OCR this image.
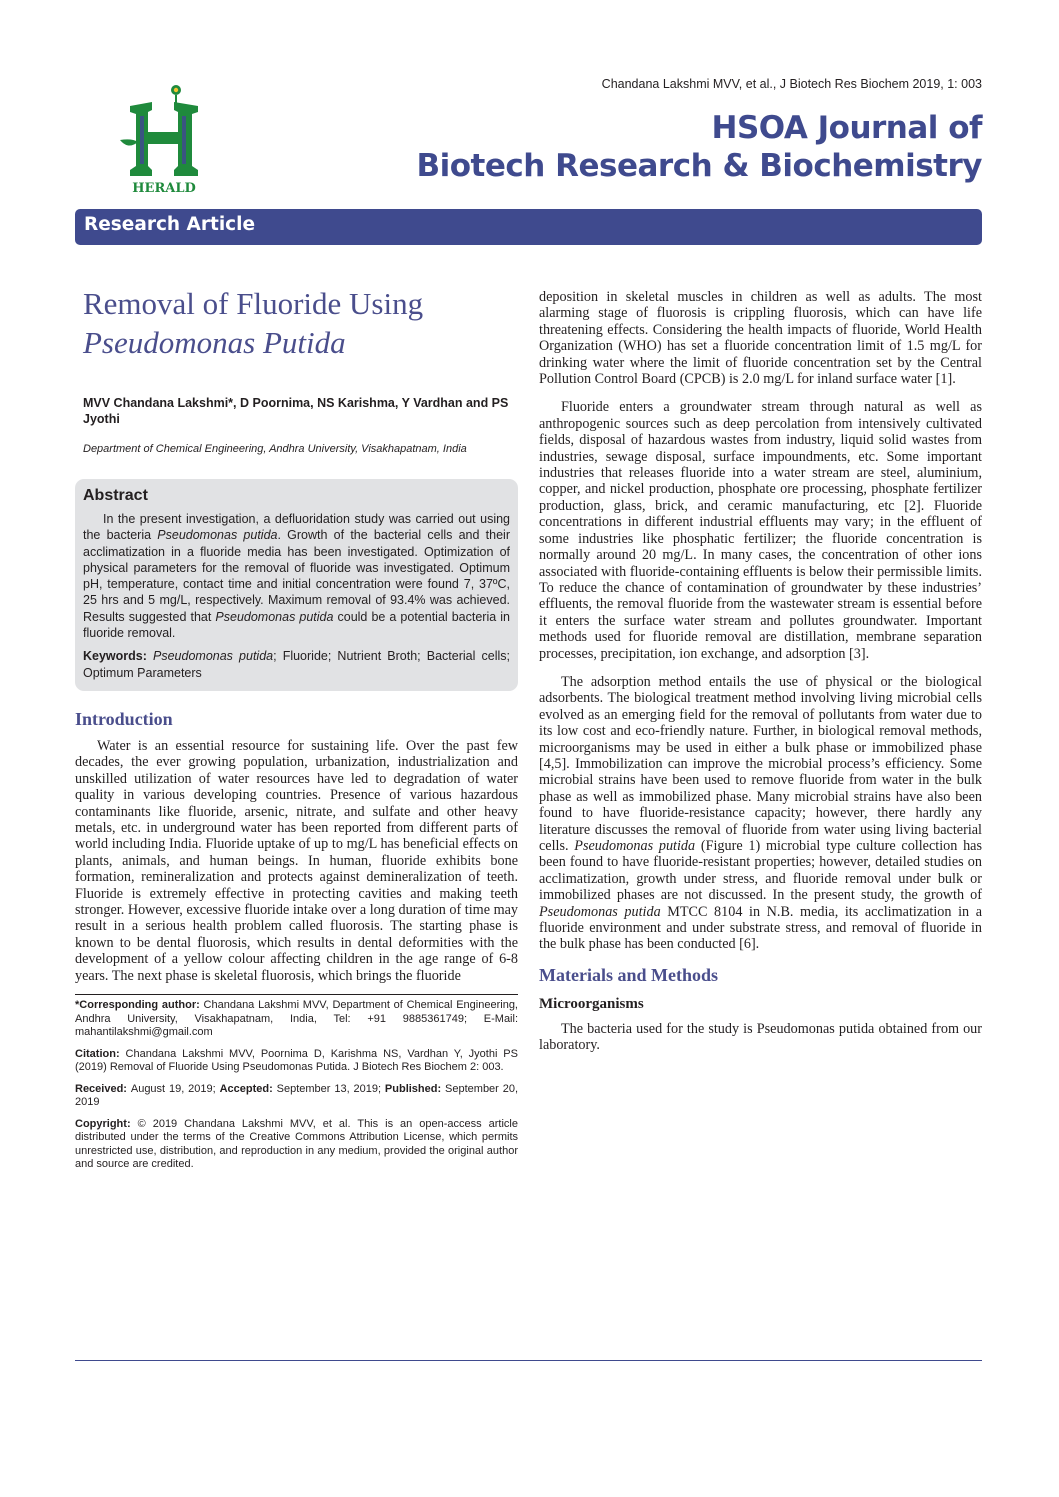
Chandana Lakshmi MVV, et al., J Biotech Res Biochem 2019, 1: 003
HERALD
HSOA Journal of
Biotech Research & Biochemistry
Research Article
Removal of Fluoride Using
Pseudomonas Putida
MVV Chandana Lakshmi*, D Poornima, NS Karishma, Y Vardhan and PS Jyothi
Department of Chemical Engineering, Andhra University, Visakhapatnam, India
Abstract

In the present investigation, a defluoridation study was carried out using the bacteria Pseudomonas putida. Growth of the bacterial cells and their acclimatization in a fluoride media has been investigated. Optimization of physical parameters for the removal of fluoride was investigated. Optimum pH, temperature, contact time and initial concentration were found 7, 37ºC, 25 hrs and 5 mg/L, respectively. Maximum removal of 93.4% was achieved. Results suggested that Pseudomonas putida could be a potential bacteria in fluoride removal.

Keywords: Pseudomonas putida; Fluoride; Nutrient Broth; Bacterial cells; Optimum Parameters

Introduction

Water is an essential resource for sustaining life. Over the past few decades, the ever growing population, urbanization, industrialization and unskilled utilization of water resources have led to degradation of water quality in various developing countries. Presence of various hazardous contaminants like fluoride, arsenic, nitrate, and sulfate and other heavy metals, etc. in underground water has been reported from different parts of world including India. Fluoride uptake of up to mg/L has beneficial effects on plants, animals, and human beings. In human, fluoride exhibits bone formation, remineralization and protects against demineralization of teeth. Fluoride is extremely effective in protecting cavities and making teeth stronger. However, excessive fluoride intake over a long duration of time may result in a serious health problem called fluorosis. The starting phase is known to be dental fluorosis, which results in dental deformities with the development of a yellow colour affecting children in the age range of 6-8 years. The next phase is skeletal fluorosis, which brings the fluoride

*Corresponding author: Chandana Lakshmi MVV, Department of Chemical Engineering, Andhra University, Visakhapatnam, India, Tel: +91 9885361749; E-Mail: mahantilakshmi@gmail.com

Citation: Chandana Lakshmi MVV, Poornima D, Karishma NS, Vardhan Y, Jyothi PS (2019) Removal of Fluoride Using Pseudomonas Putida. J Biotech Res Biochem 2: 003.

Received: August 19, 2019; Accepted: September 13, 2019; Published: September 20, 2019

Copyright: © 2019 Chandana Lakshmi MVV, et al. This is an open-access article distributed under the terms of the Creative Commons Attribution License, which permits unrestricted use, distribution, and reproduction in any medium, provided the original author and source are credited.

deposition in skeletal muscles in children as well as adults. The most alarming stage of fluorosis is crippling fluorosis, which can have life threatening effects. Considering the health impacts of fluoride, World Health Organization (WHO) has set a fluoride concentration limit of 1.5 mg/L for drinking water where the limit of fluoride concentration set by the Central Pollution Control Board (CPCB) is 2.0 mg/L for inland surface water [1].

Fluoride enters a groundwater stream through natural as well as anthropogenic sources such as deep percolation from intensively cultivated fields, disposal of hazardous wastes from industry, liquid solid wastes from industries, sewage disposal, surface impoundments, etc. Some important industries that releases fluoride into a water stream are steel, aluminium, copper, and nickel production, phosphate ore processing, phosphate fertilizer production, glass, brick, and ceramic manufacturing, etc [2]. Fluoride concentrations in different industrial effluents may vary; in the effluent of some industries like phosphatic fertilizer; the fluoride concentration is normally around 20 mg/L. In many cases, the concentration of other ions associated with fluoride-containing effluents is below their permissible limits. To reduce the chance of contamination of groundwater by these industries’ effluents, the removal fluoride from the wastewater stream is essential before it enters the surface water stream and pollutes groundwater. Important methods used for fluoride removal are distillation, membrane separation processes, precipitation, ion exchange, and adsorption [3].

The adsorption method entails the use of physical or the biological adsorbents. The biological treatment method involving living microbial cells evolved as an emerging field for the removal of pollutants from water due to its low cost and eco-friendly nature. Further, in biological removal methods, microorganisms may be used in either a bulk phase or immobilized phase [4,5]. Immobilization can improve the microbial process’s efficiency. Some microbial strains have been used to remove fluoride from water in the bulk phase as well as immobilized phase. Many microbial strains have also been found to have fluoride-resistance capacity; however, there hardly any literature discusses the removal of fluoride from water using living bacterial cells. Pseudomonas putida (Figure 1) microbial type culture collection has been found to have fluoride-resistant properties; however, detailed studies on acclimatization, growth under stress, and fluoride removal under bulk or immobilized phases are not discussed. In the present study, the growth of Pseudomonas putida MTCC 8104 in N.B. media, its acclimatization in a fluoride environment and under substrate stress, and removal of fluoride in the bulk phase has been conducted [6].

Materials and Methods
Microorganisms

The bacteria used for the study is Pseudomonas putida obtained from our laboratory.
